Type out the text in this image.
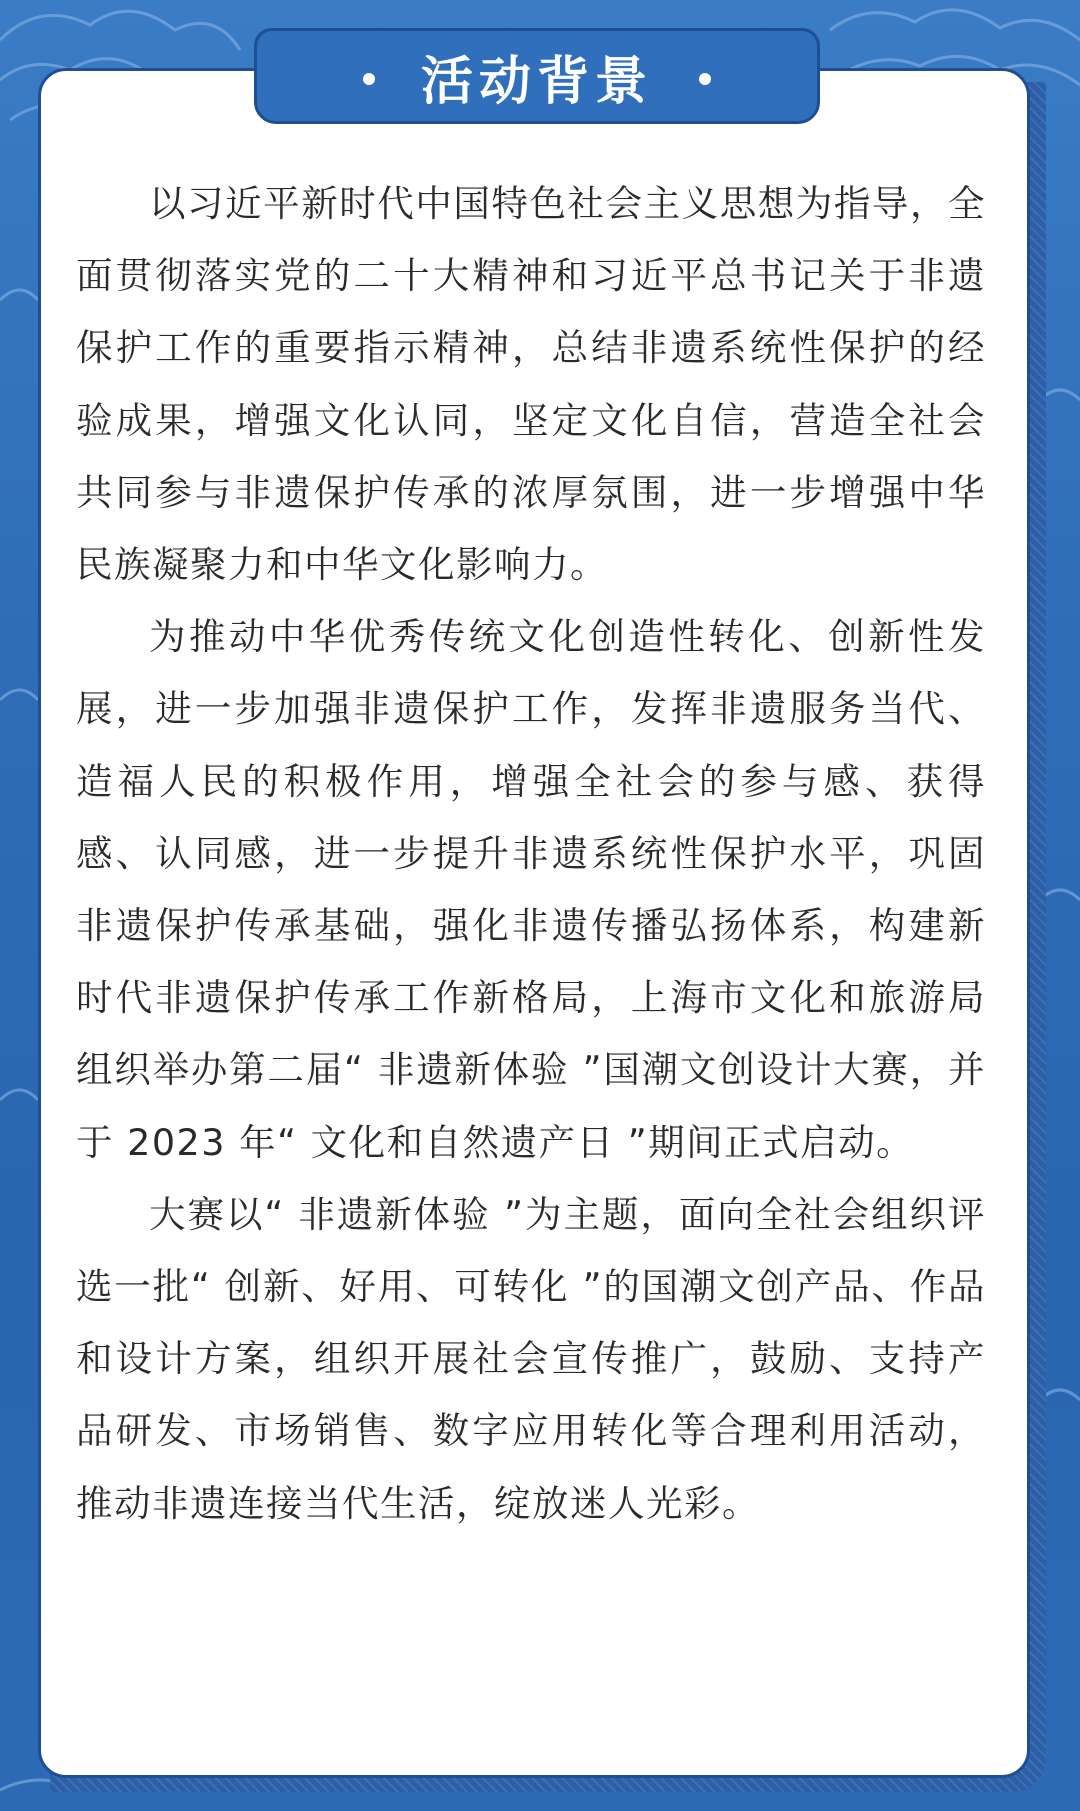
活动背景

以习近平新时代中国特色社会主义思想为指导，全面贯彻落实党的二十大精神和习近平总书记关于非遗保护工作的重要指示精神，总结非遗系统性保护的经验成果，增强文化认同，坚定文化自信，营造全社会共同参与非遗保护传承的浓厚氛围，进一步增强中华民族凝聚力和中华文化影响力。

为推动中华优秀传统文化创造性转化、创新性发展，进一步加强非遗保护工作，发挥非遗服务当代、造福人民的积极作用，增强全社会的参与感、获得感、认同感，进一步提升非遗系统性保护水平，巩固非遗保护传承基础，强化非遗传播弘扬体系，构建新时代非遗保护传承工作新格局，上海市文化和旅游局组织举办第二届“ 非遗新体验 ”国潮文创设计大赛，并于 2023 年“ 文化和自然遗产日 ”期间正式启动。

大赛以“ 非遗新体验 ”为主题，面向全社会组织评选一批“ 创新、好用、可转化 ”的国潮文创产品、作品和设计方案，组织开展社会宣传推广，鼓励、支持产品研发、市场销售、数字应用转化等合理利用活动，推动非遗连接当代生活，绽放迷人光彩。
